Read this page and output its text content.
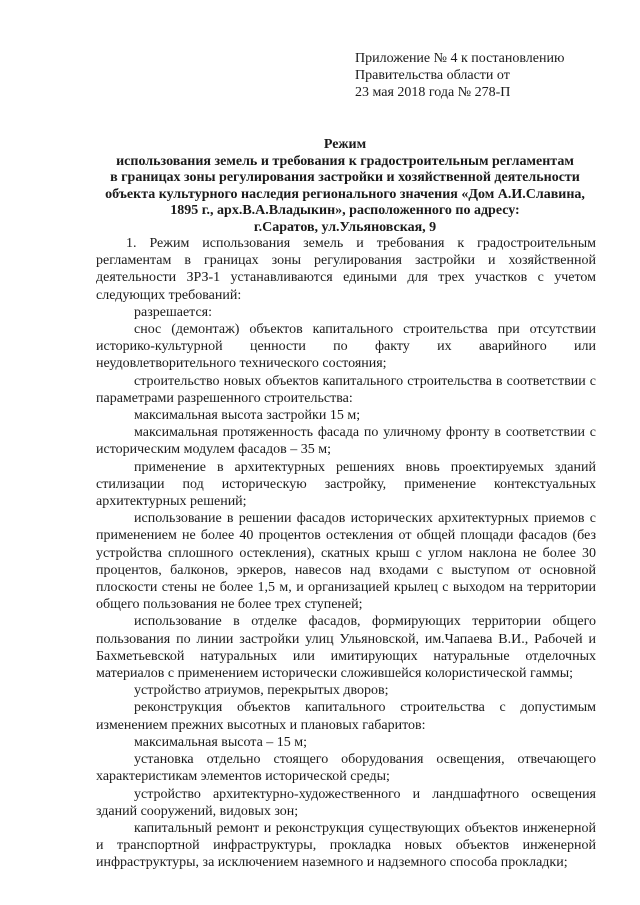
Приложение № 4 к постановлению
Правительства области от
23 мая 2018 года № 278-П
Режим
использования земель и требования к градостроительным регламентам
в границах зоны регулирования застройки и хозяйственной деятельности
объекта культурного наследия регионального значения «Дом А.И.Славина,
1895 г., арх.В.А.Владыкин», расположенного по адресу:
г.Саратов, ул.Ульяновская, 9

1. Режим использования земель и требования к градостроительным регламентам в границах зоны регулирования застройки и хозяйственной деятельности ЗРЗ-1 устанавливаются едиными для трех участков с учетом следующих требований:

разрешается:

снос (демонтаж) объектов капитального строительства при отсутствии историко-культурной ценности по факту их аварийного или неудовлетворительного технического состояния;

строительство новых объектов капитального строительства в соответствии с параметрами разрешенного строительства:

максимальная высота застройки 15 м;

максимальная протяженность фасада по уличному фронту в соответствии с историческим модулем фасадов – 35 м;

применение в архитектурных решениях вновь проектируемых зданий стилизации под историческую застройку, применение контекстуальных архитектурных решений;

использование в решении фасадов исторических архитектурных приемов с применением не более 40 процентов остекления от общей площади фасадов (без устройства сплошного остекления), скатных крыш с углом наклона не более 30 процентов, балконов, эркеров, навесов над входами с выступом от основной плоскости стены не более 1,5 м, и организацией крылец с выходом на территории общего пользования не более трех ступеней;

использование в отделке фасадов, формирующих территории общего пользования по линии застройки улиц Ульяновской, им.Чапаева В.И., Рабочей и Бахметьевской натуральных или имитирующих натуральные отделочных материалов с применением исторически сложившейся колористической гаммы;

устройство атриумов, перекрытых дворов;

реконструкция объектов капитального строительства с допустимым изменением прежних высотных и плановых габаритов:

максимальная высота – 15 м;

установка отдельно стоящего оборудования освещения, отвечающего характеристикам элементов исторической среды;

устройство архитектурно-художественного и ландшафтного освещения зданий сооружений, видовых зон;

капитальный ремонт и реконструкция существующих объектов инженерной и транспортной инфраструктуры, прокладка новых объектов инженерной инфраструктуры, за исключением наземного и надземного способа прокладки;
